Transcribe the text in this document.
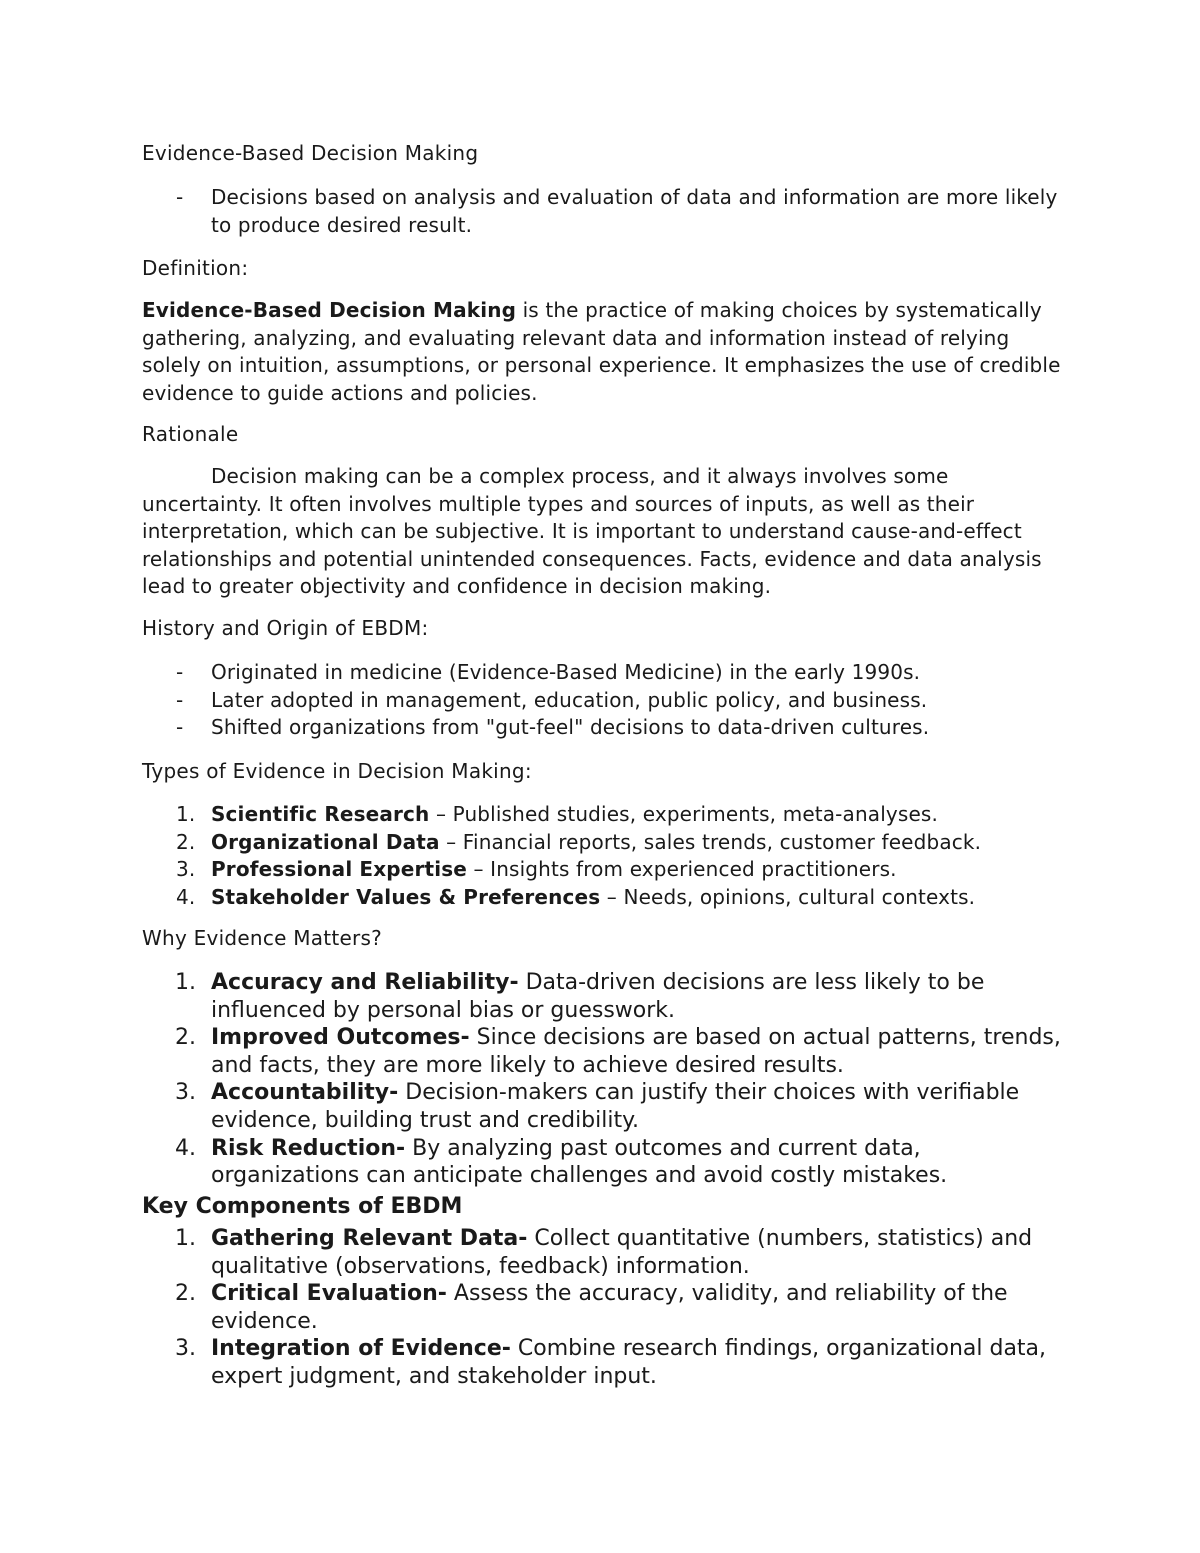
Evidence-Based Decision Making
- Decisions based on analysis and evaluation of data and information are more likely to produce desired result.
Definition:

Evidence-Based Decision Making is the practice of making choices by systematically gathering, analyzing, and evaluating relevant data and information instead of relying solely on intuition, assumptions, or personal experience. It emphasizes the use of credible evidence to guide actions and policies.

Rationale

Decision making can be a complex process, and it always involves some uncertainty. It often involves multiple types and sources of inputs, as well as their interpretation, which can be subjective. It is important to understand cause-and-effect relationships and potential unintended consequences. Facts, evidence and data analysis lead to greater objectivity and confidence in decision making.

History and Origin of EBDM:
- Originated in medicine (Evidence-Based Medicine) in the early 1990s.
- Later adopted in management, education, public policy, and business.
- Shifted organizations from "gut-feel" decisions to data-driven cultures.
Types of Evidence in Decision Making:
1. Scientific Research – Published studies, experiments, meta-analyses.
2. Organizational Data – Financial reports, sales trends, customer feedback.
3. Professional Expertise – Insights from experienced practitioners.
4. Stakeholder Values & Preferences – Needs, opinions, cultural contexts.
Why Evidence Matters?
1. Accuracy and Reliability- Data-driven decisions are less likely to be influenced by personal bias or guesswork.
2. Improved Outcomes- Since decisions are based on actual patterns, trends, and facts, they are more likely to achieve desired results.
3. Accountability- Decision-makers can justify their choices with verifiable evidence, building trust and credibility.
4. Risk Reduction- By analyzing past outcomes and current data, organizations can anticipate challenges and avoid costly mistakes.
Key Components of EBDM
1. Gathering Relevant Data- Collect quantitative (numbers, statistics) and qualitative (observations, feedback) information.
2. Critical Evaluation- Assess the accuracy, validity, and reliability of the evidence.
3. Integration of Evidence- Combine research findings, organizational data, expert judgment, and stakeholder input.
